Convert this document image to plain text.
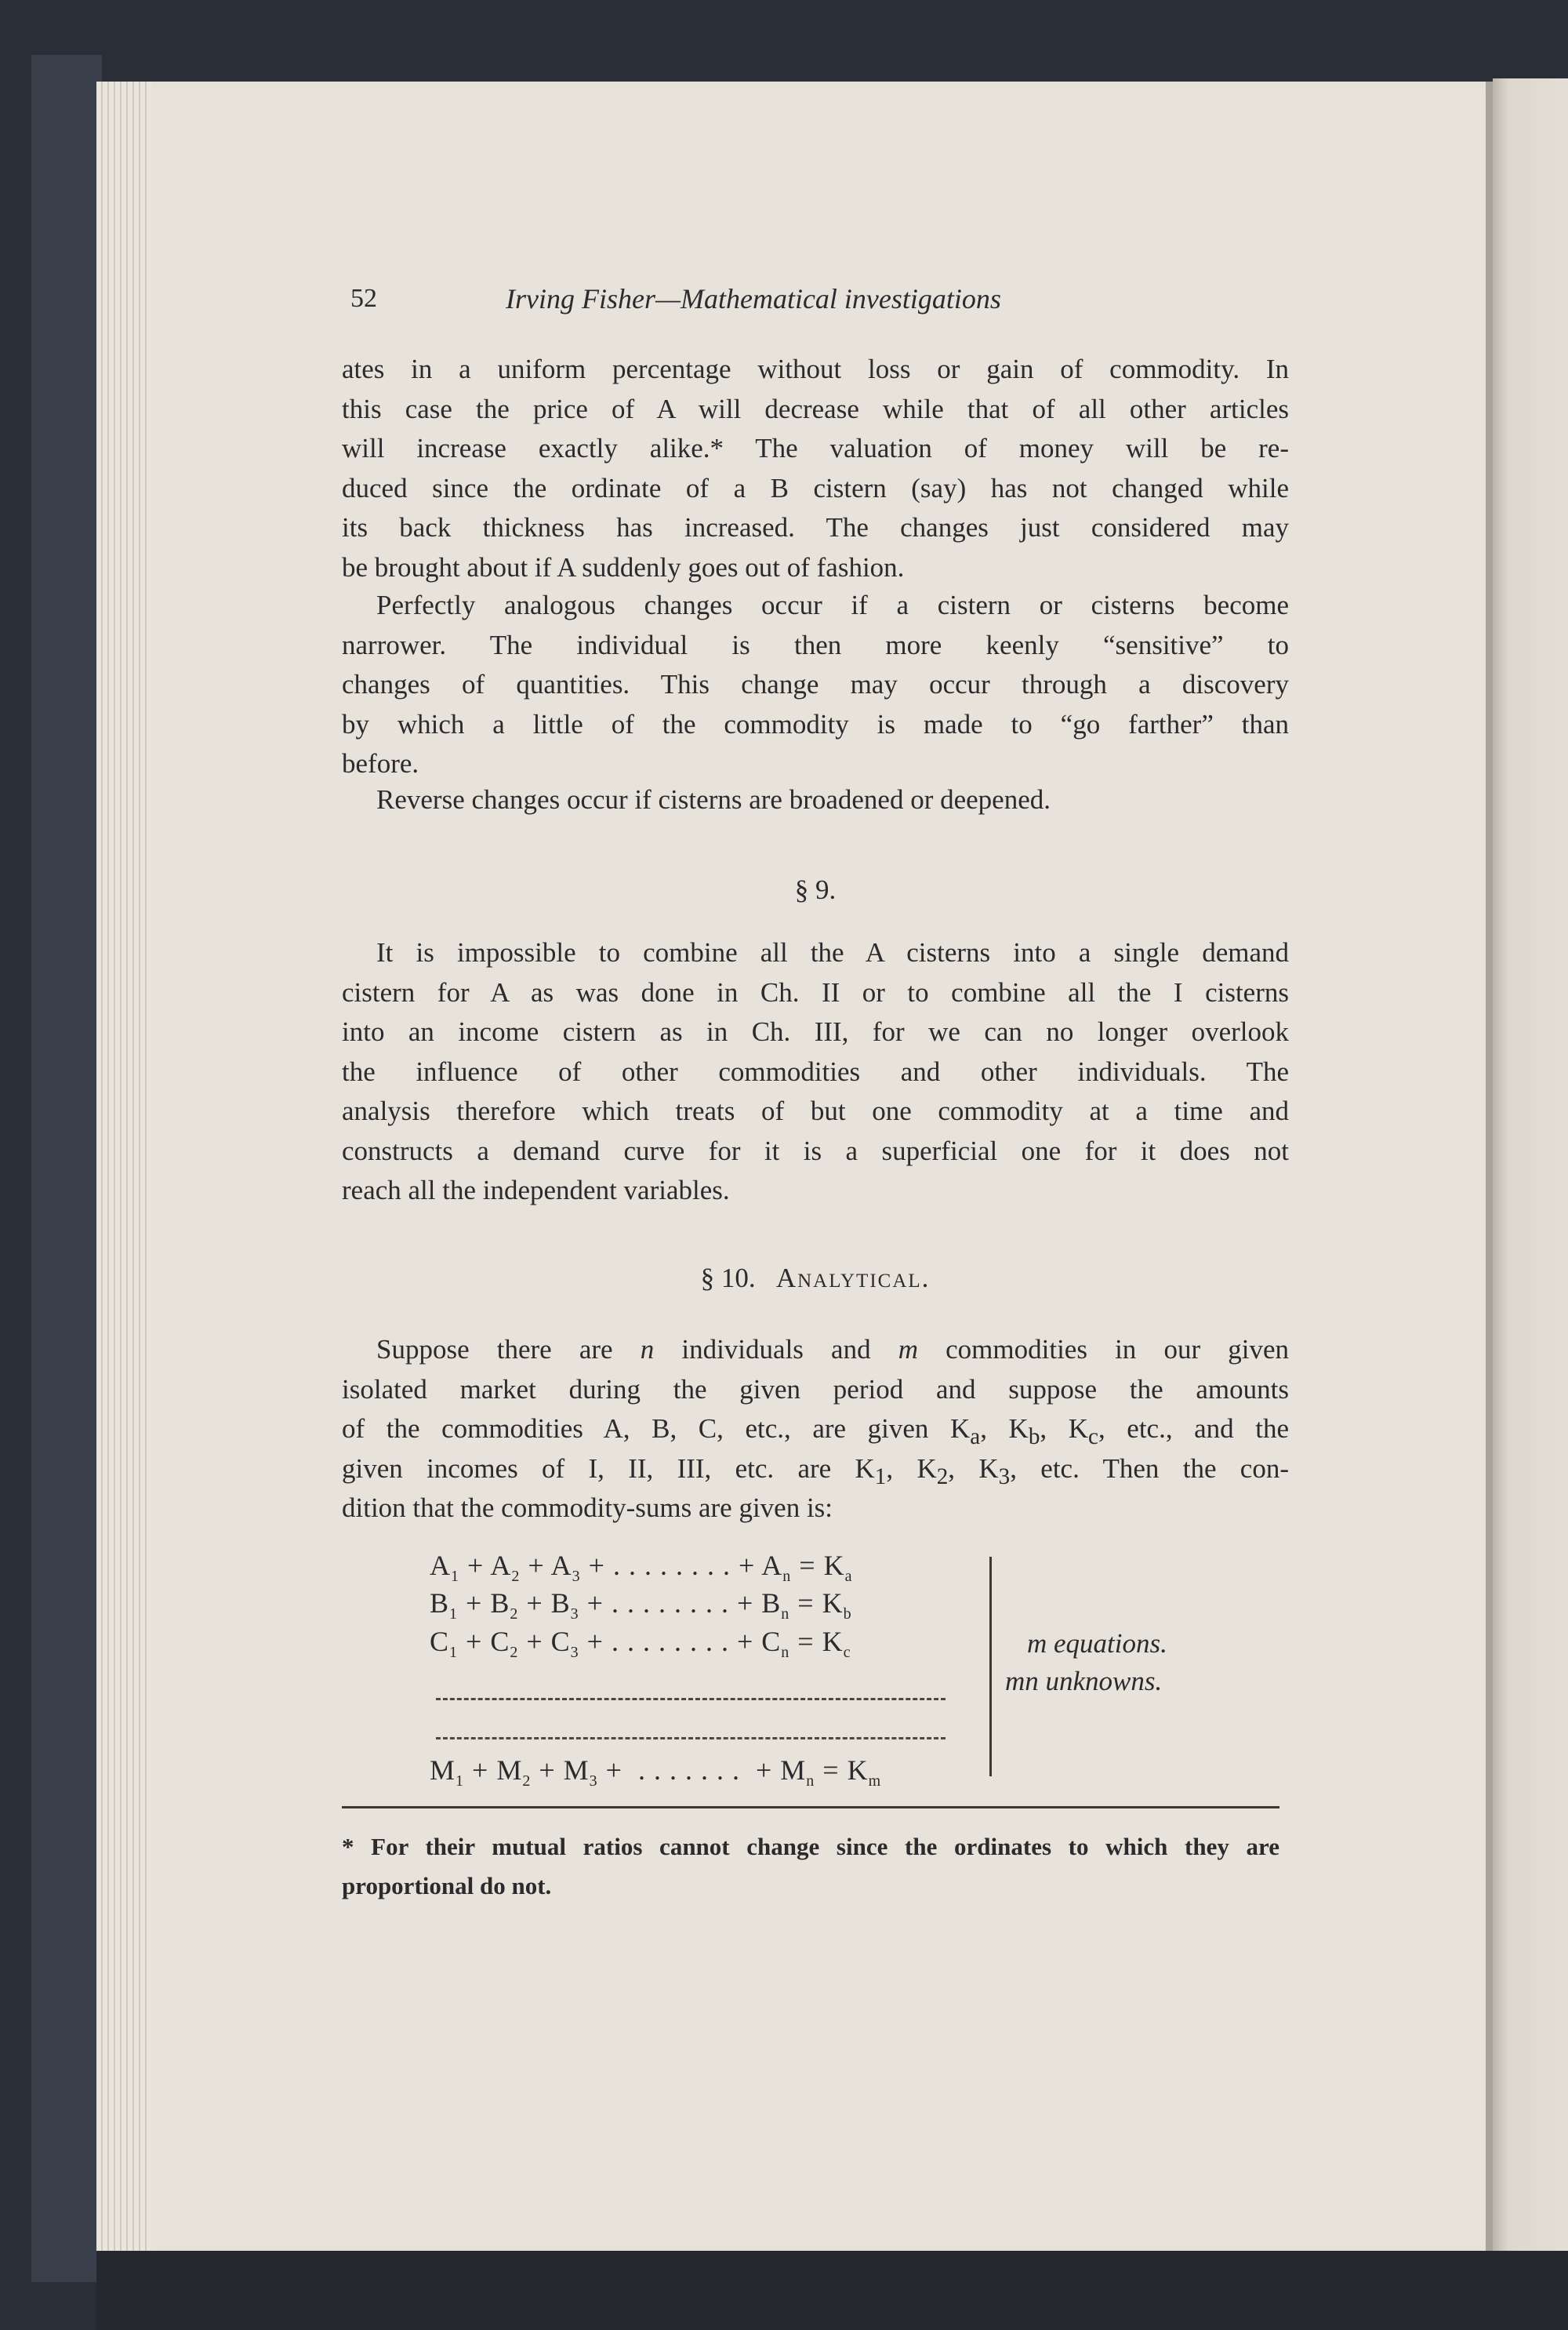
52	Irving Fisher—Mathematical investigations
ates in a uniform percentage without loss or gain of commodity. In
this case the price of A will decrease while that of all other articles
will increase exactly alike.* The valuation of money will be re-
duced since the ordinate of a B cistern (say) has not changed while
its back thickness has increased. The changes just considered may
be brought about if A suddenly goes out of fashion.
Perfectly analogous changes occur if a cistern or cisterns become
narrower. The individual is then more keenly “sensitive” to
changes of quantities. This change may occur through a discovery
by which a little of the commodity is made to “go farther” than
before.
Reverse changes occur if cisterns are broadened or deepened.
It is impossible to combine all the A cisterns into a single demand
cistern for A as was done in Ch. II or to combine all the I cisterns
into an income cistern as in Ch. III, for we can no longer overlook
the influence of other commodities and other individuals. The
analysis therefore which treats of but one commodity at a time and
constructs a demand curve for it is a superficial one for it does not
reach all the independent variables.
Suppose there are n individuals and m commodities in our given
isolated market during the given period and suppose the amounts
of the commodities A, B, C, etc., are given $K_a$, $K_b$, $K_c$, etc., and the
given incomes of I, II, III, etc. are $K_1$, $K_2$, $K_3$, etc. Then the con-
dition that the commodity-sums are given is:
§ 9.
§ 10. Analytical.
$A_1 + A_2 + A_3$ + . . . . . . . . + $A_n = K_a$
$B_1 + B_2 + B_3$ + . . . . . . . . + $B_n = K_b$
$C_1 + C_2 + C_3$ + . . . . . . . . + $C_n = K_c$
$M_1 + M_2 + M_3$ +  . . . . . . .  + $M_n = K_m$
m equations.
mn unknowns.
* For their mutual ratios cannot change since the ordinates to which they are
proportional do not.
